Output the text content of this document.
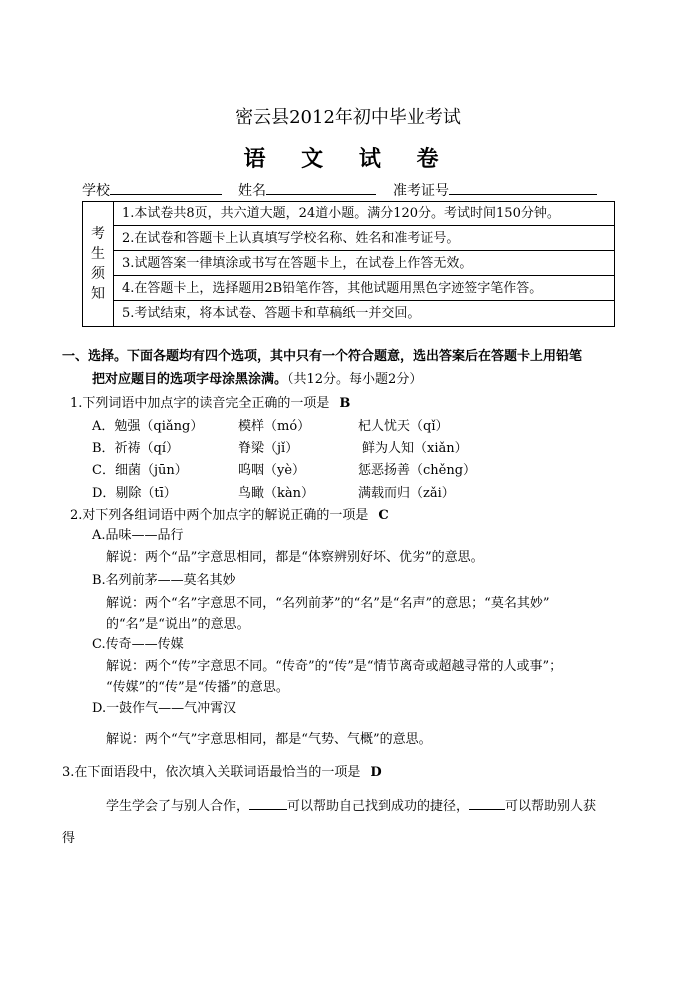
密云县2012年初中毕业考试
语 文 试 卷
学校	姓名	准考证号
考
生
须
知
1.本试卷共8页，共六道大题，24道小题。满分120分。考试时间150分钟。
2.在试卷和答题卡上认真填写学校名称、姓名和准考证号。
3.试题答案一律填涂或书写在答题卡上，在试卷上作答无效。
4.在答题卡上，选择题用2B铅笔作答，其他试题用黑色字迹签字笔作答。
5.考试结束，将本试卷、答题卡和草稿纸一并交回。
一、选择。下面各题均有四个选项，其中只有一个符合题意，选出答案后在答题卡上用铅笔
把对应题目的选项字母涂黑涂满。（共12分。每小题2分）
1.下列词语中加点字的读音完全正确的一项是 B
A．勉强（qiǎng）	模样（mó）	杞人忧天（qǐ）
B．祈祷（qí）	脊梁（jǐ）	鲜为人知（xiǎn）
C．细菌（jūn）	呜咽（yè）	惩恶扬善（chěng）
D．剔除（tī）	鸟瞰（kàn）	满载而归（zǎi）
2.对下列各组词语中两个加点字的解说正确的一项是 C
A.品味——品行
解说：两个“品”字意思相同，都是“体察辨别好坏、优劣”的意思。
B.名列前茅——莫名其妙
解说：两个“名”字意思不同，“名列前茅”的“名”是“名声”的意思；“莫名其妙”
的“名”是“说出”的意思。
C.传奇——传媒
解说：两个“传”字意思不同。“传奇”的“传”是“情节离奇或超越寻常的人或事”；
“传媒”的“传”是“传播”的意思。
D.一鼓作气——气冲霄汉
解说：两个“气”字意思相同，都是“气势、气概”的意思。
3.在下面语段中，依次填入关联词语最恰当的一项是 D
学生学会了与别人合作，	可以帮助自己找到成功的捷径，	可以帮助别人获
得
